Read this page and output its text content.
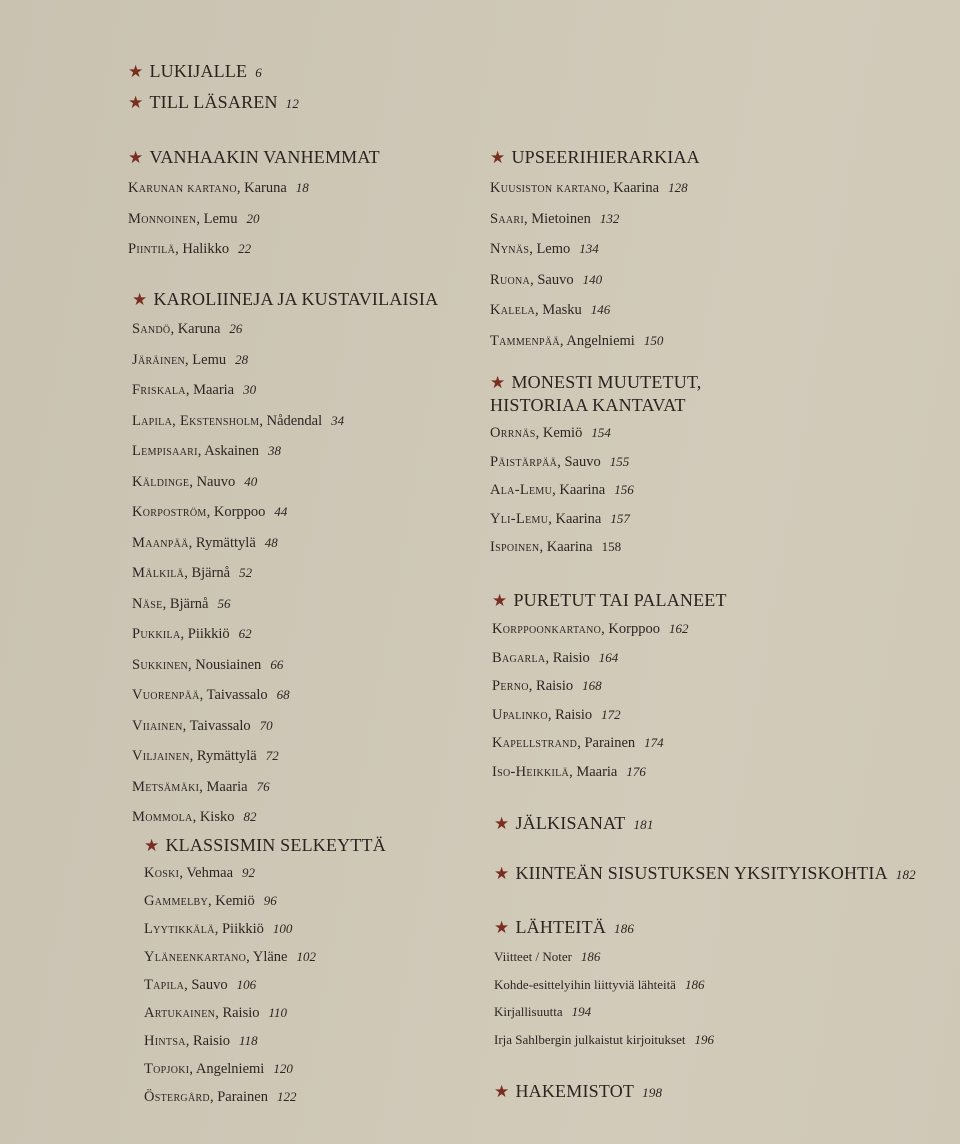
★ LUKIJALLE 6
★ TILL LÄSAREN 12
★ VANHAAKIN VANHEMMAT
Karunan kartano, Karuna 18
Monnoinen, Lemu 20
Piintilä, Halikko 22
★ KAROLIINEJA JA KUSTAVILAISIA
Sandö, Karuna 26
Järäinen, Lemu 28
Friskala, Maaria 30
Lapila, Ekstensholm, Nådendal 34
Lempisaari, Askainen 38
Käldinge, Nauvo 40
Korpoström, Korppoo 44
Maanpää, Rymättylä 48
Mälkilä, Bjärnå 52
Näse, Bjärnå 56
Pukkila, Piikkiö 62
Sukkinen, Nousiainen 66
Vuorenpää, Taivassalo 68
Viiainen, Taivassalo 70
Viljainen, Rymättylä 72
Metsämäki, Maaria 76
Mommola, Kisko 82
★ KLASSISMIN SELKEYTTÄ
Koski, Vehmaa 92
Gammelby, Kemiö 96
Lyytikkälä, Piikkiö 100
Yläneenkartano, Yläne 102
Tapila, Sauvo 106
Artukainen, Raisio 110
Hintsa, Raisio 118
Topjoki, Angelniemi 120
Östergård, Parainen 122
★ UPSEERIHIERARKIAA
Kuusiston kartano, Kaarina 128
Saari, Mietoinen 132
Nynäs, Lemo 134
Ruona, Sauvo 140
Kalela, Masku 146
Tammenpää, Angelniemi 150
★ MONESTI MUUTETUT,
HISTORIAA KANTAVAT
Orrnäs, Kemiö 154
Päistärpää, Sauvo 155
Ala-Lemu, Kaarina 156
Yli-Lemu, Kaarina 157
Ispoinen, Kaarina 158
★ PURETUT TAI PALANEET
Korppoonkartano, Korppoo 162
Bagarla, Raisio 164
Perno, Raisio 168
Upalinko, Raisio 172
Kapellstrand, Parainen 174
Iso-Heikkilä, Maaria 176
★ JÄLKISANAT 181
★ KIINTEÄN SISUSTUKSEN YKSITYISKOHTIA 182
★ LÄHTEITÄ 186
Viitteet / Noter 186
Kohde-esittelyihin liittyviä lähteitä 186
Kirjallisuutta 194
Irja Sahlbergin julkaistut kirjoitukset 196
★ HAKEMISTOT 198
